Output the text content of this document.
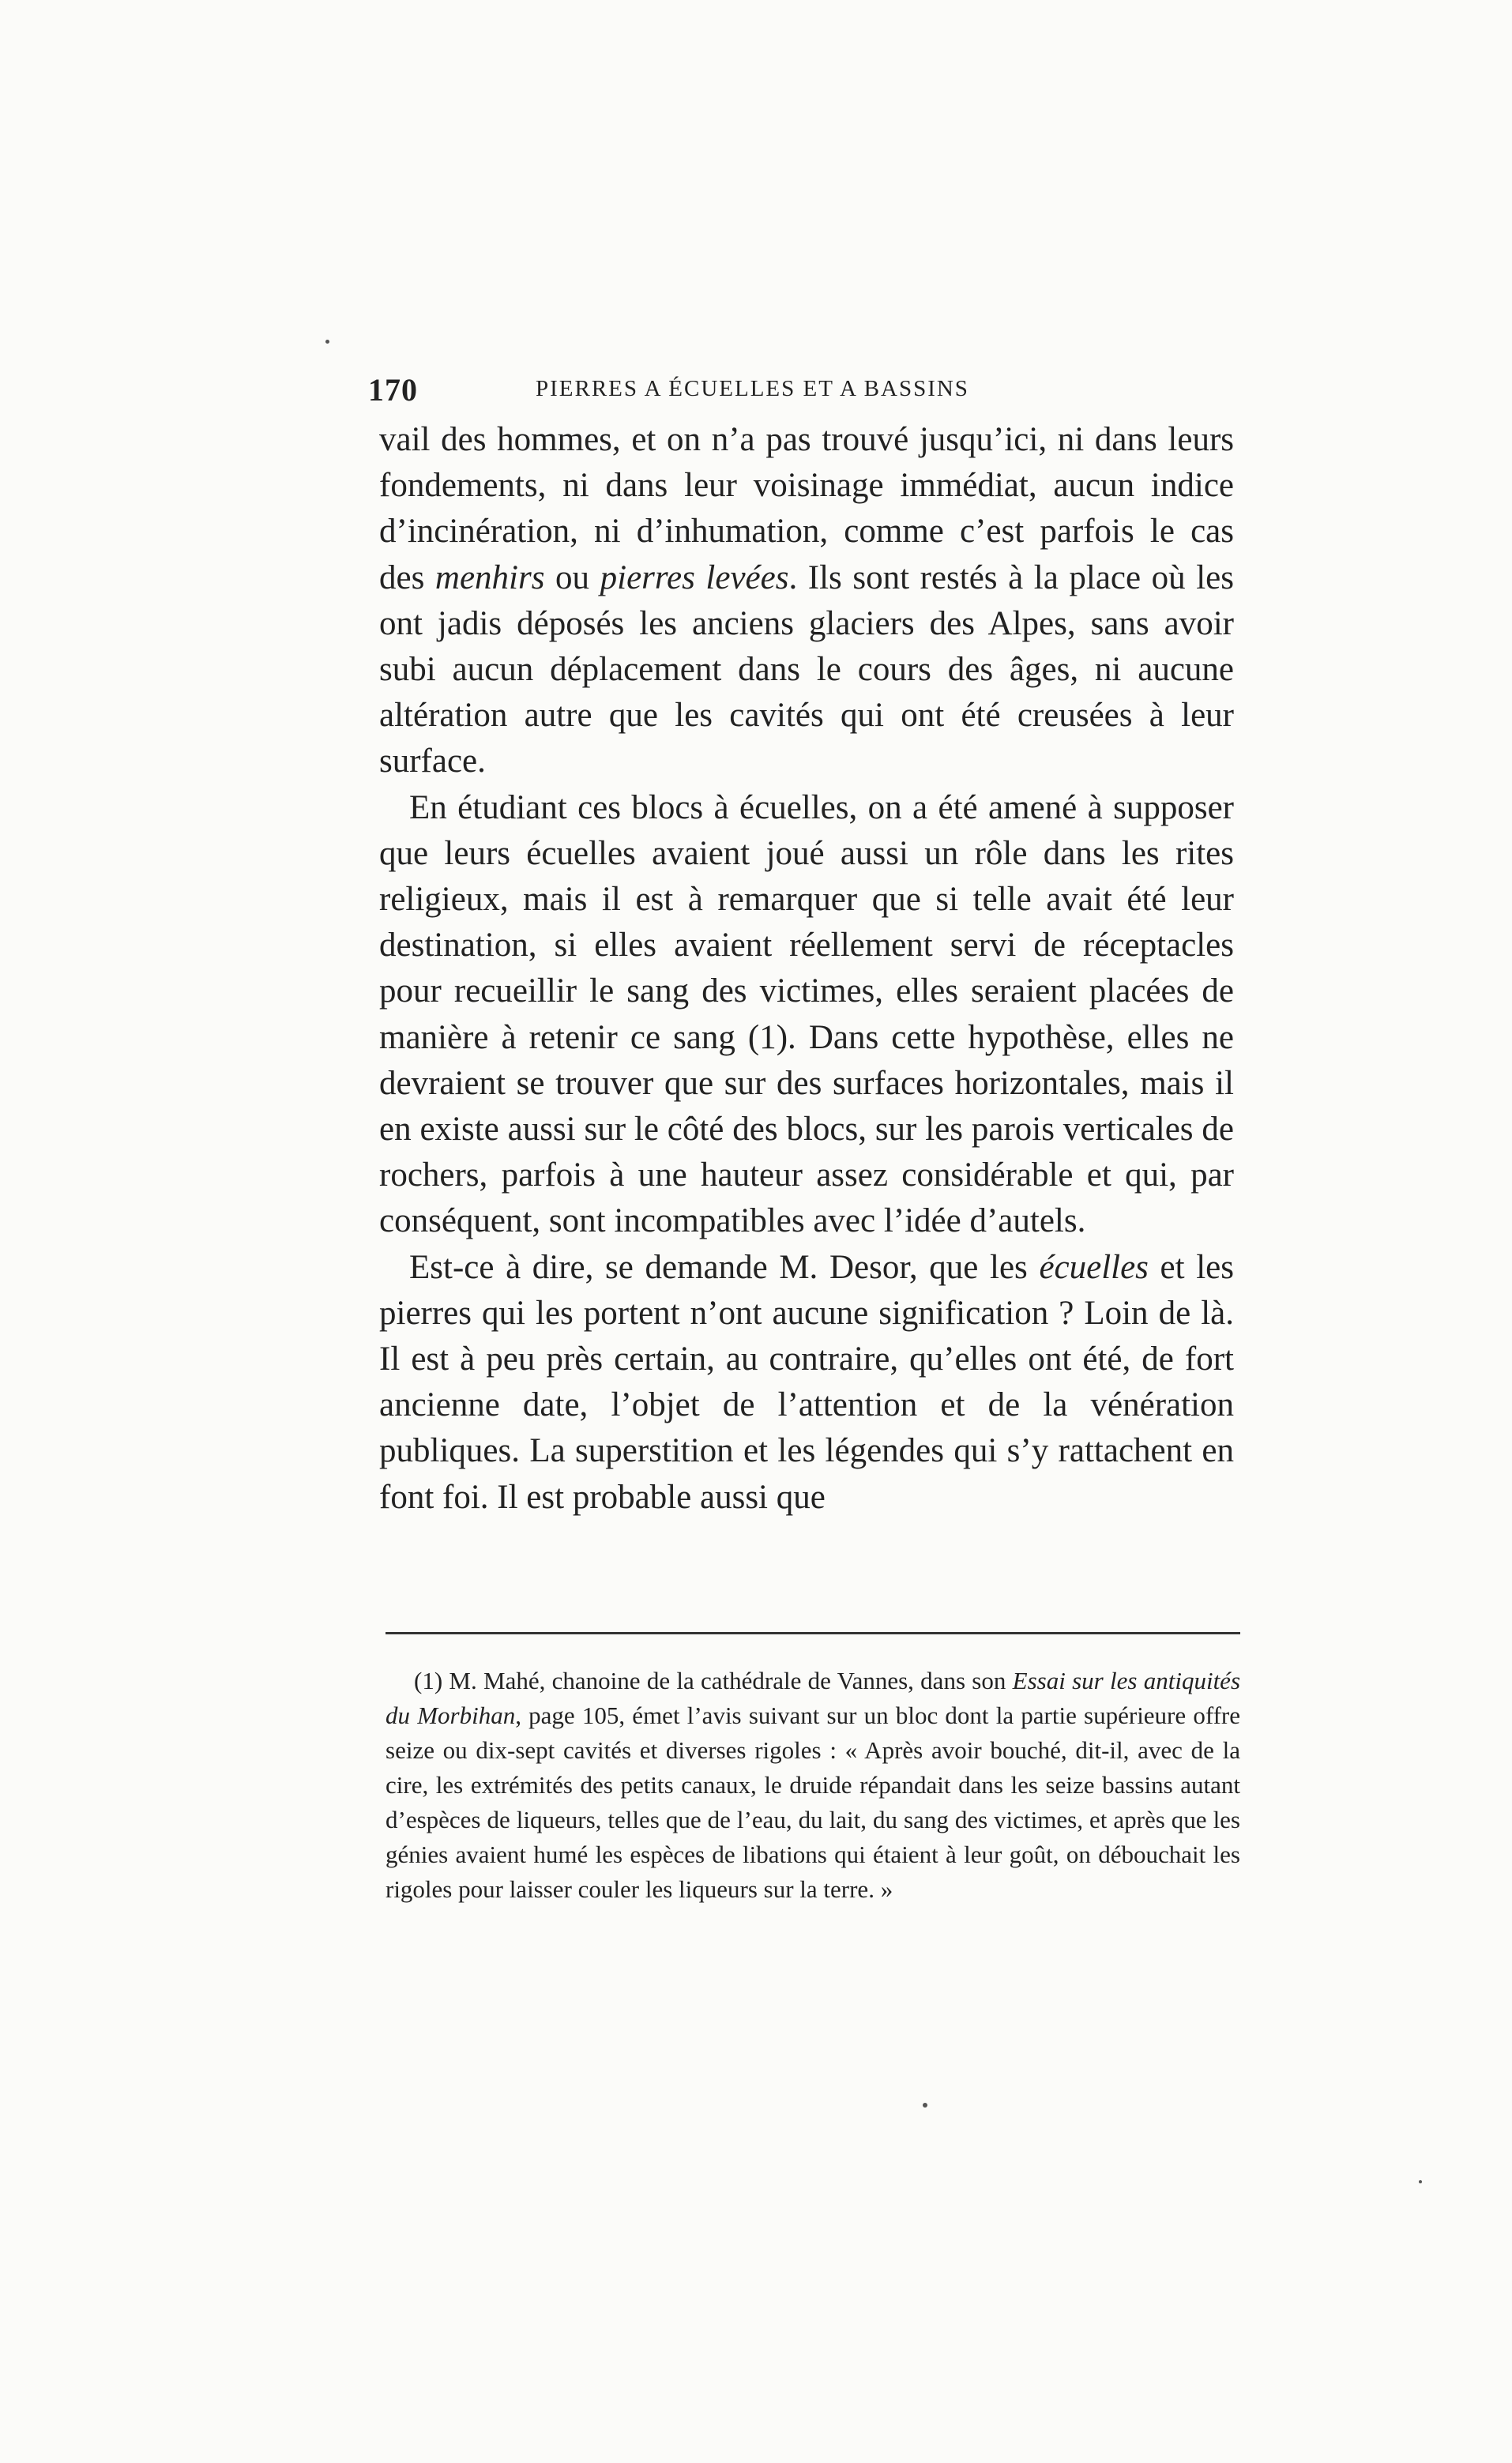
170	PIERRES A ÉCUELLES ET A BASSINS

vail des hommes, et on n’a pas trouvé jusqu’ici, ni dans leurs fondements, ni dans leur voisinage immédiat, aucun indice d’incinération, ni d’inhumation, comme c’est parfois le cas des menhirs ou pierres levées. Ils sont restés à la place où les ont jadis déposés les anciens glaciers des Alpes, sans avoir subi aucun déplacement dans le cours des âges, ni aucune altération autre que les cavités qui ont été creusées à leur surface.

En étudiant ces blocs à écuelles, on a été amené à supposer que leurs écuelles avaient joué aussi un rôle dans les rites religieux, mais il est à remarquer que si telle avait été leur destination, si elles avaient réellement servi de réceptacles pour recueillir le sang des victimes, elles seraient placées de manière à retenir ce sang (1). Dans cette hypothèse, elles ne devraient se trouver que sur des surfaces horizontales, mais il en existe aussi sur le côté des blocs, sur les parois verticales de rochers, parfois à une hauteur assez considérable et qui, par conséquent, sont incompatibles avec l’idée d’autels.

Est-ce à dire, se demande M. Desor, que les écuelles et les pierres qui les portent n’ont aucune signification ? Loin de là. Il est à peu près certain, au contraire, qu’elles ont été, de fort ancienne date, l’objet de l’attention et de la vénération publiques. La superstition et les légendes qui s’y rattachent en font foi. Il est probable aussi que

(1) M. Mahé, chanoine de la cathédrale de Vannes, dans son Essai sur les antiquités du Morbihan, page 105, émet l’avis suivant sur un bloc dont la partie supérieure offre seize ou dix-sept cavités et diverses rigoles : « Après avoir bouché, dit-il, avec de la cire, les extrémités des petits canaux, le druide répandait dans les seize bassins autant d’espèces de liqueurs, telles que de l’eau, du lait, du sang des victimes, et après que les génies avaient humé les espèces de libations qui étaient à leur goût, on débouchait les rigoles pour laisser couler les liqueurs sur la terre. »
